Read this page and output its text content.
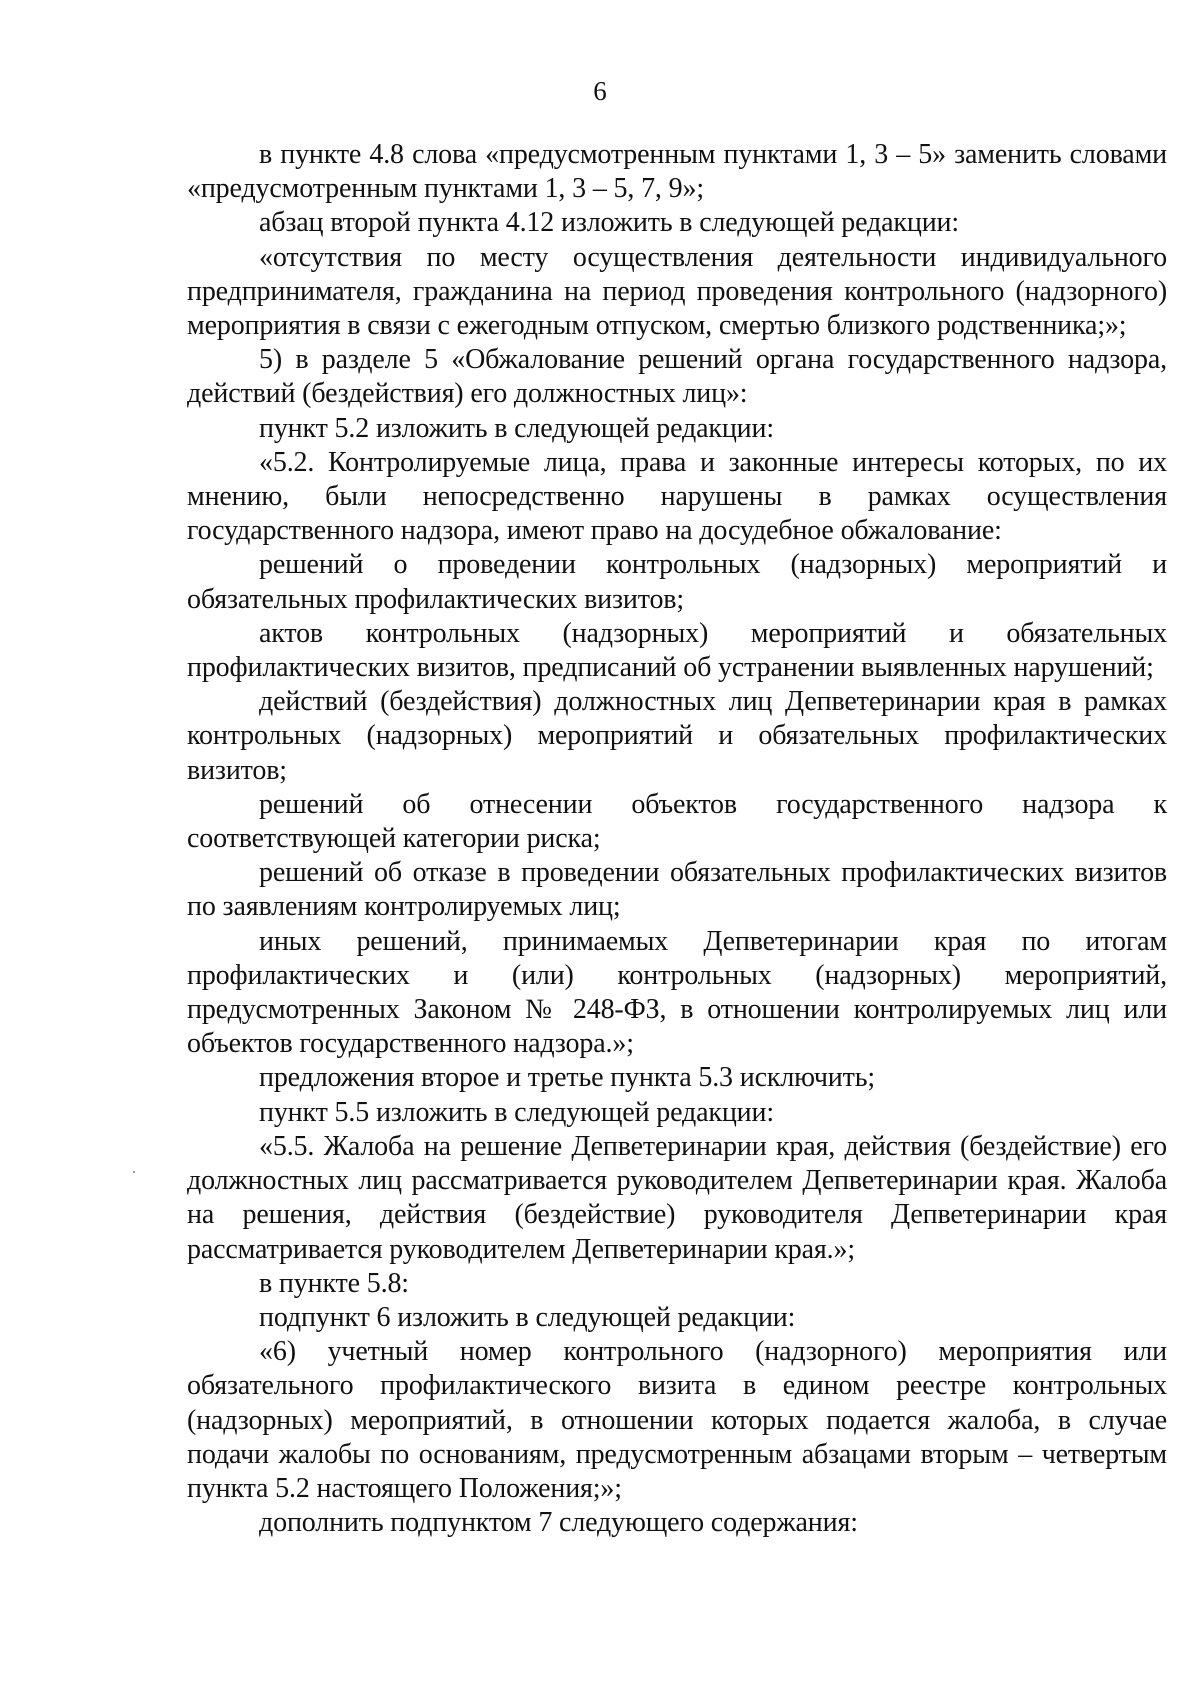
6

в пункте 4.8 слова «предусмотренным пунктами 1, 3 – 5» заменить словами «предусмотренным пунктами 1, 3 – 5, 7, 9»;

абзац второй пункта 4.12 изложить в следующей редакции:

«отсутствия по месту осуществления деятельности индивидуального предпринимателя, гражданина на период проведения контрольного (надзорного) мероприятия в связи с ежегодным отпуском, смертью близкого родственника;»;

5) в разделе 5 «Обжалование решений органа государственного надзора, действий (бездействия) его должностных лиц»:

пункт 5.2 изложить в следующей редакции:

«5.2. Контролируемые лица, права и законные интересы которых, по их мнению, были непосредственно нарушены в рамках осуществления государственного надзора, имеют право на досудебное обжалование:

решений о проведении контрольных (надзорных) мероприятий и обязательных профилактических визитов;

актов контрольных (надзорных) мероприятий и обязательных профилактических визитов, предписаний об устранении выявленных нарушений;

действий (бездействия) должностных лиц Депветеринарии края в рамках контрольных (надзорных) мероприятий и обязательных профилактических визитов;

решений об отнесении объектов государственного надзора к соответствующей категории риска;

решений об отказе в проведении обязательных профилактических визитов по заявлениям контролируемых лиц;

иных решений, принимаемых Депветеринарии края по итогам профилактических и (или) контрольных (надзорных) мероприятий, предусмотренных Законом № 248-ФЗ, в отношении контролируемых лиц или объектов государственного надзора.»;

предложения второе и третье пункта 5.3 исключить;

пункт 5.5 изложить в следующей редакции:

«5.5. Жалоба на решение Депветеринарии края, действия (бездействие) его должностных лиц рассматривается руководителем Депветеринарии края. Жалоба на решения, действия (бездействие) руководителя Депветеринарии края рассматривается руководителем Депветеринарии края.»;

в пункте 5.8:

подпункт 6 изложить в следующей редакции:

«6) учетный номер контрольного (надзорного) мероприятия или обязательного профилактического визита в едином реестре контрольных (надзорных) мероприятий, в отношении которых подается жалоба, в случае подачи жалобы по основаниям, предусмотренным абзацами вторым – четвертым пункта 5.2 настоящего Положения;»;

дополнить подпунктом 7 следующего содержания:
